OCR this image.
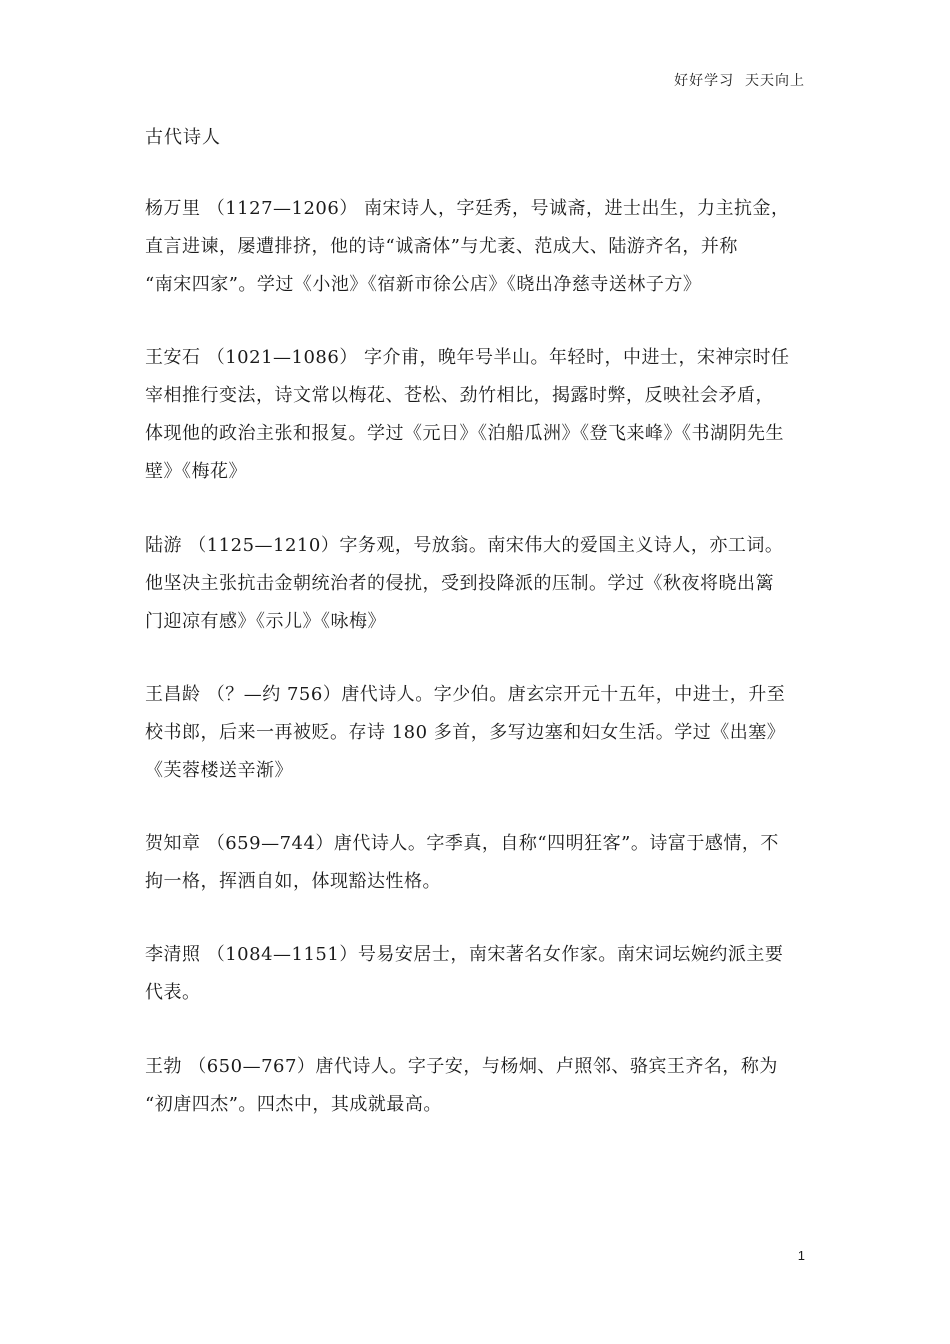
好好学习  天天向上
古代诗人
杨万里 （1127—1206） 南宋诗人，字廷秀，号诚斋，进士出生，力主抗金，
直言进谏，屡遭排挤，他的诗“诚斋体”与尤袤、范成大、陆游齐名，并称
“南宋四家”。学过《小池》《宿新市徐公店》《晓出净慈寺送林子方》
王安石 （1021—1086） 字介甫，晚年号半山。年轻时，中进士，宋神宗时任
宰相推行变法，诗文常以梅花、苍松、劲竹相比，揭露时弊，反映社会矛盾，
体现他的政治主张和报复。学过《元日》《泊船瓜洲》《登飞来峰》《书湖阴先生
壁》《梅花》
陆游 （1125—1210）字务观，号放翁。南宋伟大的爱国主义诗人，亦工词。
他坚决主张抗击金朝统治者的侵扰，受到投降派的压制。学过《秋夜将晓出篱
门迎凉有感》《示儿》《咏梅》
王昌龄 （？—约 756）唐代诗人。字少伯。唐玄宗开元十五年，中进士，升至
校书郎，后来一再被贬。存诗 180 多首，多写边塞和妇女生活。学过《出塞》
《芙蓉楼送辛渐》
贺知章 （659—744）唐代诗人。字季真，自称“四明狂客”。诗富于感情，不
拘一格，挥洒自如，体现豁达性格。
李清照 （1084—1151）号易安居士，南宋著名女作家。南宋词坛婉约派主要
代表。
王勃 （650—767）唐代诗人。字子安，与杨炯、卢照邻、骆宾王齐名，称为
“初唐四杰”。四杰中，其成就最高。
1
